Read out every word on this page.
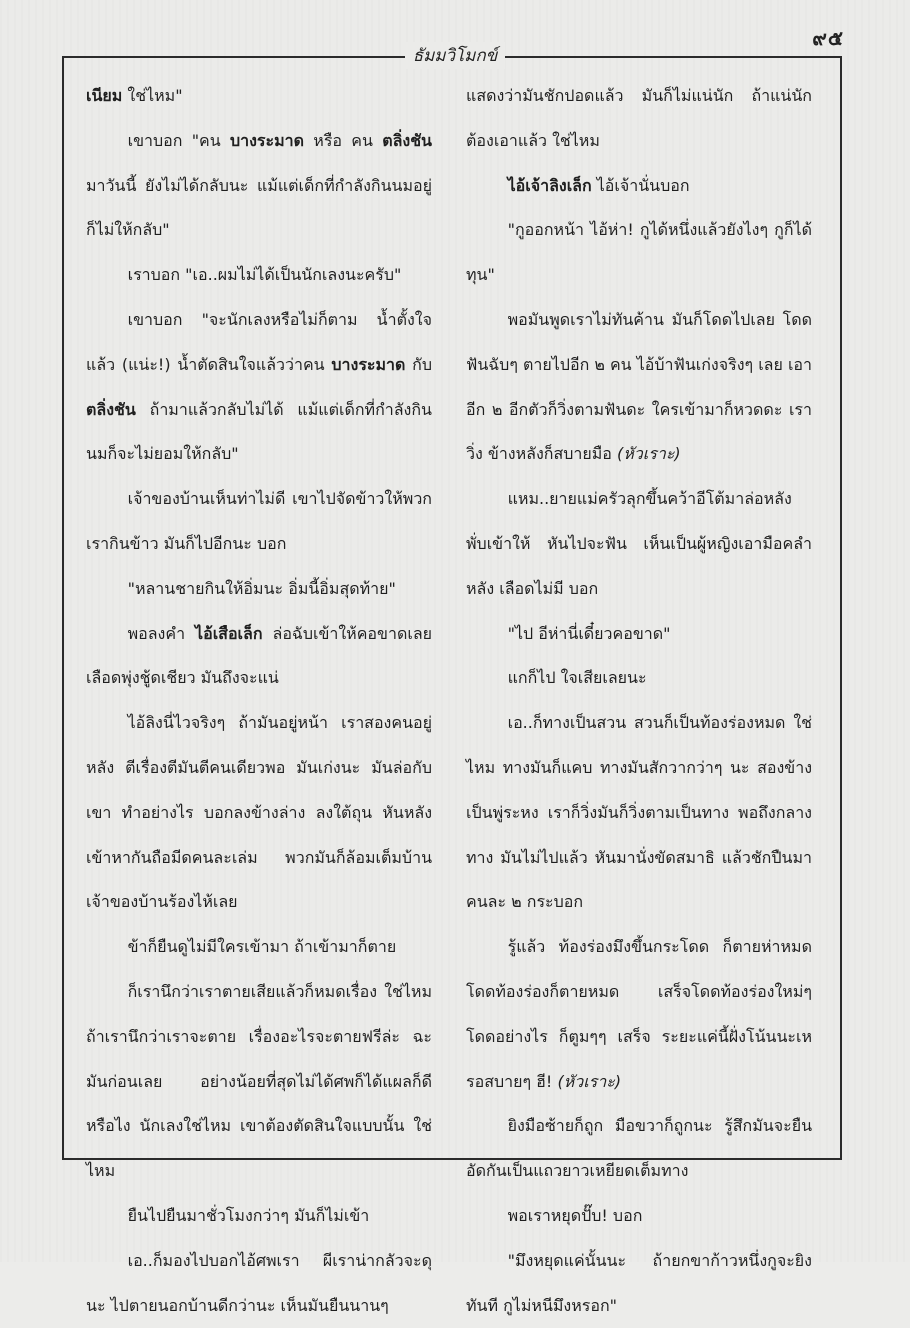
๙๕
ธัมมวิโมกข์

เนียม ใช่ไหม"

เขาบอก "คน บางระมาด หรือ คน ตลิ่งชัน มาวันนี้ ยังไม่ได้กลับนะ แม้แต่เด็กที่กำลังกินนมอยู่ก็ไม่ให้กลับ"

เราบอก "เอ..ผมไม่ได้เป็นนักเลงนะครับ"

เขาบอก "จะนักเลงหรือไม่ก็ตาม น้ำตั้งใจแล้ว (แน่ะ!) น้ำตัดสินใจแล้วว่าคน บางระมาด กับ ตลิ่งชัน ถ้ามาแล้วกลับไม่ได้ แม้แต่เด็กที่กำลังกินนมก็จะไม่ยอมให้กลับ"

เจ้าของบ้านเห็นท่าไม่ดี เขาไปจัดข้าวให้พวกเรากินข้าว มันก็ไปอีกนะ บอก

"หลานชายกินให้อิ่มนะ อิ่มนี้อิ่มสุดท้าย"

พอลงคำ ไอ้เสือเล็ก ล่อฉับเข้าให้คอขาดเลย เลือดพุ่งชู้ดเชียว มันถึงจะแน่

ไอ้ลิงนี่ไวจริงๆ ถ้ามันอยู่หน้า เราสองคนอยู่หลัง ตีเรื่องตีมันตีคนเดียวพอ มันเก่งนะ มันล่อกับเขา ทำอย่างไร บอกลงข้างล่าง ลงใต้ถุน หันหลังเข้าหากันถือมีดคนละเล่ม พวกมันก็ล้อมเต็มบ้าน เจ้าของบ้านร้องไห้เลย

ข้าก็ยืนดูไม่มีใครเข้ามา ถ้าเข้ามาก็ตาย

ก็เรานึกว่าเราตายเสียแล้วก็หมดเรื่อง ใช่ไหม ถ้าเรานึกว่าเราจะตาย เรื่องอะไรจะตายฟรีล่ะ ฉะมันก่อนเลย อย่างน้อยที่สุดไม่ได้ศพก็ได้แผลก็ดี หรือไง นักเลงใช่ไหม เขาต้องตัดสินใจแบบนั้น ใช่ไหม

ยืนไปยืนมาชั่วโมงกว่าๆ มันก็ไม่เข้า

เอ..ก็มองไปบอกไอ้ศพเรา ผีเราน่ากลัวจะดุนะ ไปตายนอกบ้านดีกว่านะ เห็นมันยืนนานๆ

แสดงว่ามันชักปอดแล้ว มันก็ไม่แน่นัก ถ้าแน่นักต้องเอาแล้ว ใช่ไหม

ไอ้เจ้าลิงเล็ก ไอ้เจ้านั่นบอก

"กูออกหน้า ไอ้ห่า! กูได้หนึ่งแล้วยังไงๆ กูก็ได้ทุน"

พอมันพูดเราไม่ทันค้าน มันก็โดดไปเลย โดดฟันฉับๆ ตายไปอีก ๒ คน ไอ้บ้าฟันเก่งจริงๆ เลย เอาอีก ๒ อีกตัวก็วิ่งตามฟันดะ ใครเข้ามาก็หวดดะ เราวิ่ง ข้างหลังก็สบายมือ (หัวเราะ)

แหม..ยายแม่ครัวลุกขึ้นคว้าอีโต้มาล่อหลังพั่บเข้าให้ หันไปจะฟัน เห็นเป็นผู้หญิงเอามือคลำหลัง เลือดไม่มี บอก

"ไป อีห่านี่เดี๋ยวคอขาด"

แกก็ไป ใจเสียเลยนะ

เอ..ก็ทางเป็นสวน สวนก็เป็นท้องร่องหมด ใช่ไหม ทางมันก็แคบ ทางมันสักวากว่าๆ นะ สองข้างเป็นพู่ระหง เราก็วิ่งมันก็วิ่งตามเป็นทาง พอถึงกลางทาง มันไม่ไปแล้ว หันมานั่งขัดสมาธิ แล้วชักปืนมาคนละ ๒ กระบอก

รู้แล้ว ท้องร่องมึงขึ้นกระโดด ก็ตายห่าหมด โดดท้องร่องก็ตายหมด เสร็จโดดท้องร่องใหม่ๆ โดดอย่างไร ก็ตูมๆๆ เสร็จ ระยะแค่นี้ฝั่งโน้นนะเหรอสบายๆ ฮี! (หัวเราะ)

ยิงมือซ้ายก็ถูก มือขวาก็ถูกนะ รู้สึกมันจะยืนอัดกันเป็นแถวยาวเหยียดเต็มทาง

พอเราหยุดปั๊บ! บอก

"มึงหยุดแค่นั้นนะ ถ้ายกขาก้าวหนึ่งกูจะยิงทันที กูไม่หนีมึงหรอก"
